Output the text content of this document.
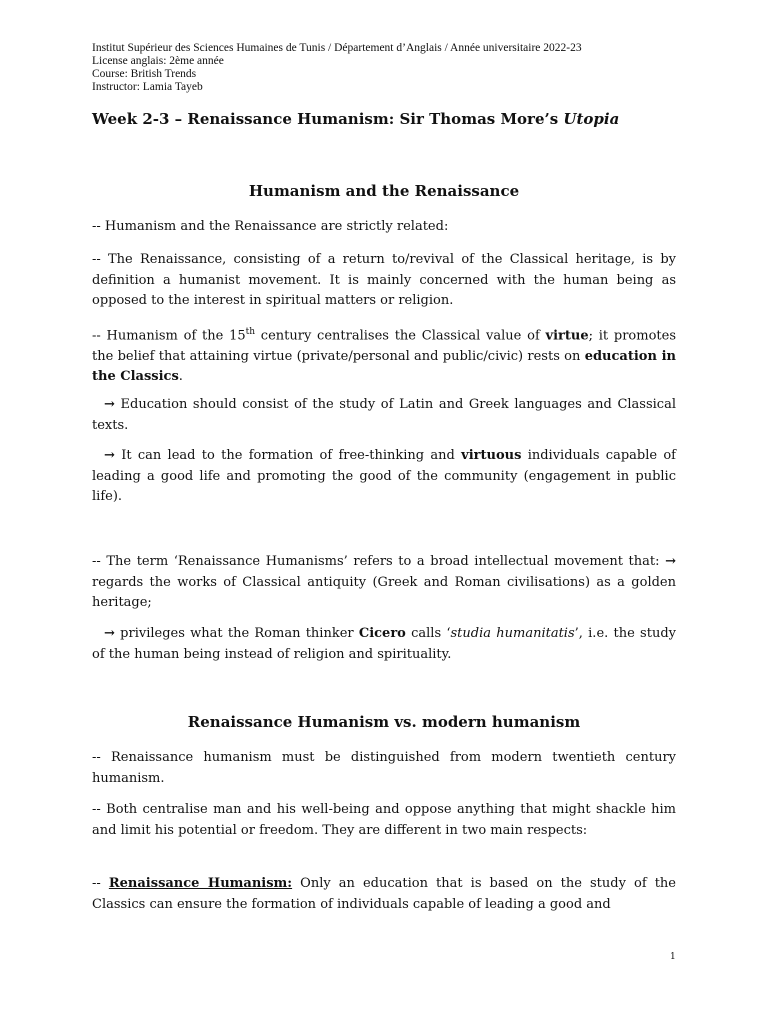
Institut Supérieur des Sciences Humaines de Tunis / Département d’Anglais / Année universitaire 2022-23
License anglais: 2ème année
Course: British Trends
Instructor: Lamia Tayeb
Week 2-3 – Renaissance Humanism: Sir Thomas More’s Utopia
Humanism and the Renaissance
-- Humanism and the Renaissance are strictly related:
-- The Renaissance, consisting of a return to/revival of the Classical heritage, is by definition a humanist movement. It is mainly concerned with the human being as opposed to the interest in spiritual matters or religion.
-- Humanism of the 15th century centralises the Classical value of virtue; it promotes the belief that attaining virtue (private/personal and public/civic) rests on education in the Classics.
→ Education should consist of the study of Latin and Greek languages and Classical texts.
→ It can lead to the formation of free-thinking and virtuous individuals capable of leading a good life and promoting the good of the community (engagement in public life).
-- The term ‘Renaissance Humanisms’ refers to a broad intellectual movement that: → regards the works of Classical antiquity (Greek and Roman civilisations) as a golden heritage;
→ privileges what the Roman thinker Cicero calls ‘studia humanitatis’, i.e. the study of the human being instead of religion and spirituality.
Renaissance Humanism vs. modern humanism
-- Renaissance humanism must be distinguished from modern twentieth century humanism.
-- Both centralise man and his well-being and oppose anything that might shackle him and limit his potential or freedom. They are different in two main respects:
-- Renaissance Humanism: Only an education that is based on the study of the Classics can ensure the formation of individuals capable of leading a good and
1
